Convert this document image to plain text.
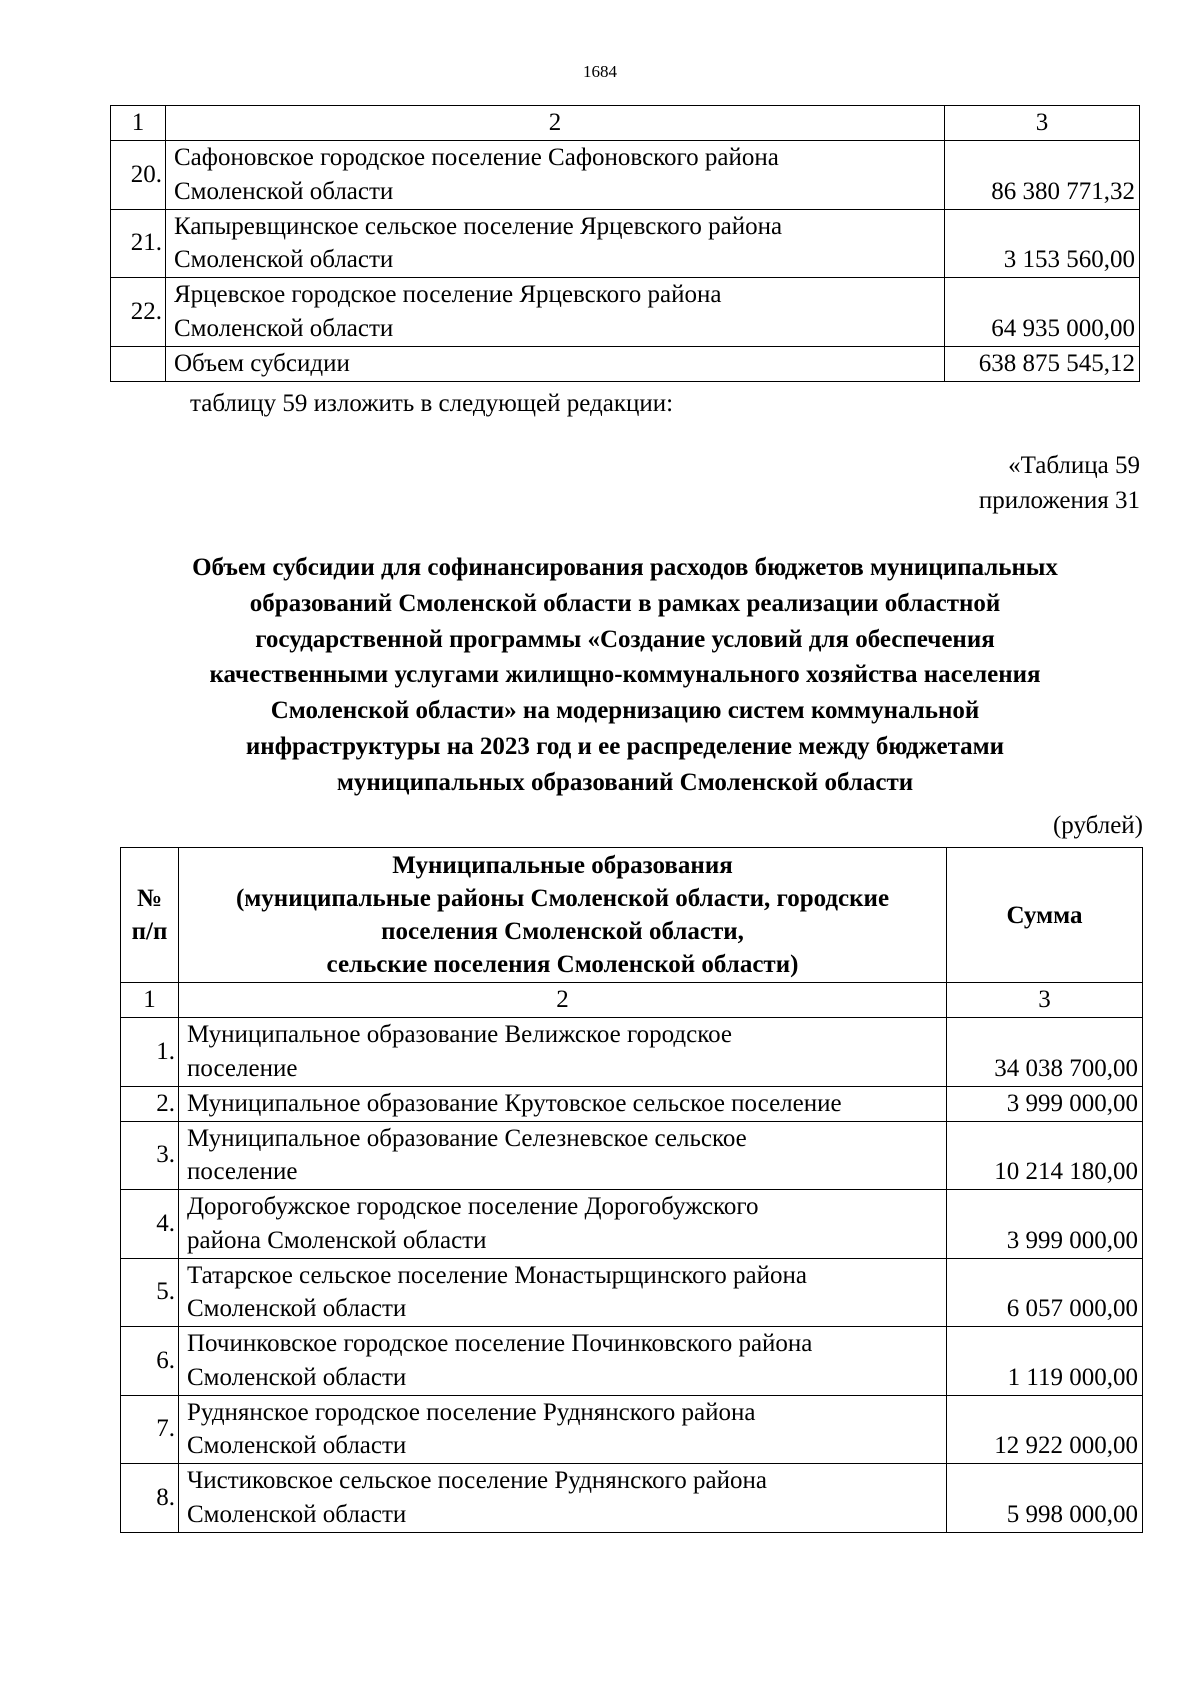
1684
1	2	3
20.	Сафоновское городское поселение Сафоновского района
Смоленской области	86 380 771,32
21.	Капыревщинское сельское поселение Ярцевского района
Смоленской области	3 153 560,00
22.	Ярцевское городское поселение Ярцевского района
Смоленской области	64 935 000,00
	Объем субсидии	638 875 545,12
таблицу 59 изложить в следующей редакции:
«Таблица 59
приложения 31
Объем субсидии для софинансирования расходов бюджетов муниципальных
образований Смоленской области в рамках реализации областной
государственной программы «Создание условий для обеспечения
качественными услугами жилищно-коммунального хозяйства населения
Смоленской области» на модернизацию систем коммунальной
инфраструктуры на 2023 год и ее распределение между бюджетами
муниципальных образований Смоленской области
(рублей)
№
п/п	Муниципальные образования
(муниципальные районы Смоленской области, городские
поселения Смоленской области,
сельские поселения Смоленской области)	Сумма
1	2	3
1.	Муниципальное образование Велижское городское
поселение	34 038 700,00
2.	Муниципальное образование Крутовское сельское поселение	3 999 000,00
3.	Муниципальное образование Селезневское сельское
поселение	10 214 180,00
4.	Дорогобужское городское поселение Дорогобужского
района Смоленской области	3 999 000,00
5.	Татарское сельское поселение Монастырщинского района
Смоленской области	6 057 000,00
6.	Починковское городское поселение Починковского района
Смоленской области	1 119 000,00
7.	Руднянское городское поселение Руднянского района
Смоленской области	12 922 000,00
8.	Чистиковское сельское поселение Руднянского района
Смоленской области	5 998 000,00
